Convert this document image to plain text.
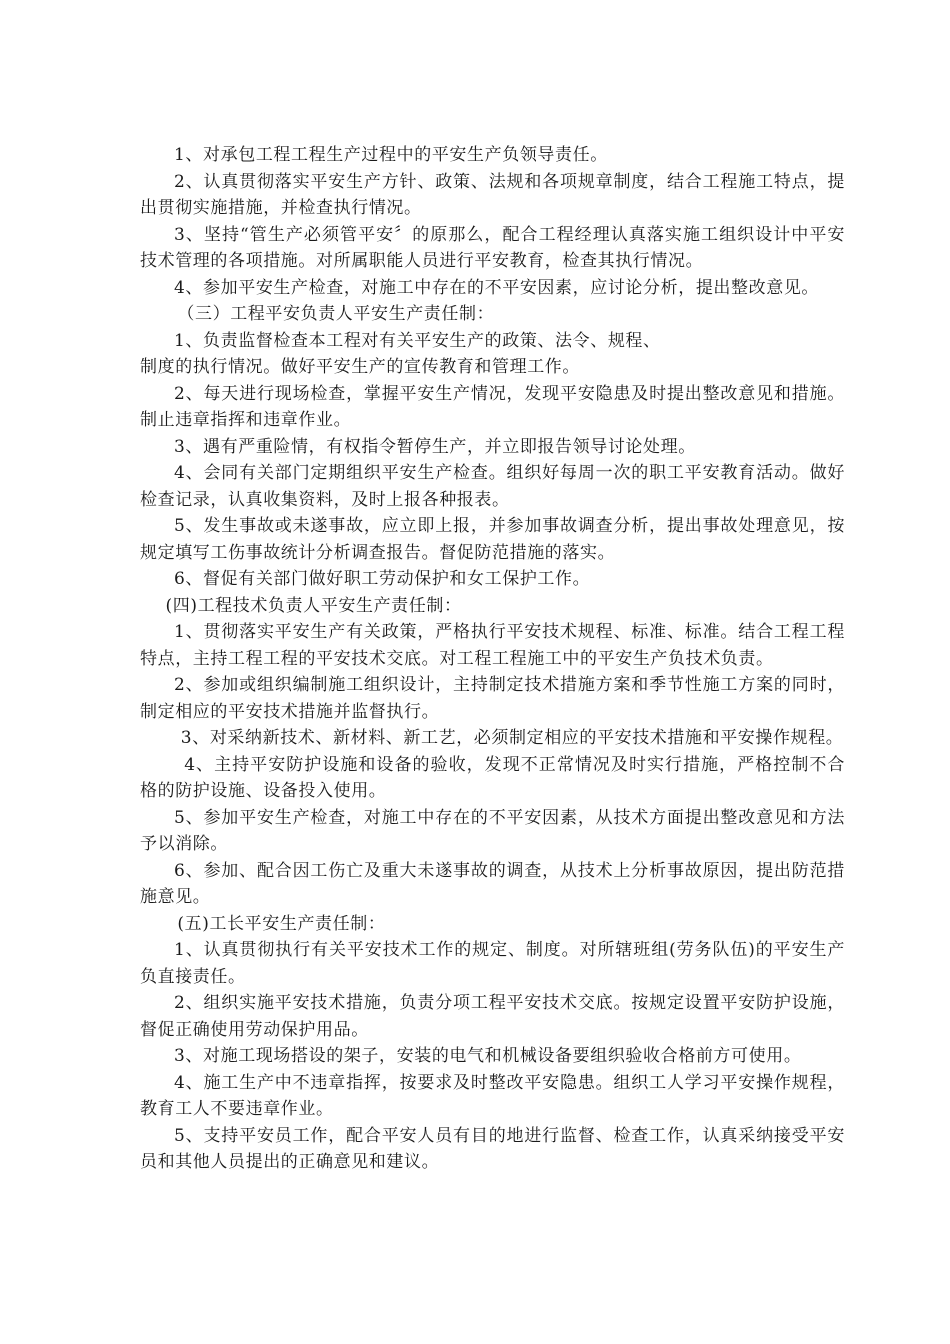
1、对承包工程工程生产过程中的平安生产负领导责任。

2、认真贯彻落实平安生产方针、政策、法规和各项规章制度，结合工程施工特点，提出贯彻实施措施，并检查执行情况。

3、坚持“管生产必须管平安〞的原那么，配合工程经理认真落实施工组织设计中平安技术管理的各项措施。对所属职能人员进行平安教育，检查其执行情况。

4、参加平安生产检查，对施工中存在的不平安因素，应讨论分析，提出整改意见。

（三）工程平安负责人平安生产责任制：

1、负责监督检查本工程对有关平安生产的政策、法令、规程、

制度的执行情况。做好平安生产的宣传教育和管理工作。

2、每天进行现场检查，掌握平安生产情况，发现平安隐患及时提出整改意见和措施。制止违章指挥和违章作业。

3、遇有严重险情，有权指令暂停生产，并立即报告领导讨论处理。

4、会同有关部门定期组织平安生产检查。组织好每周一次的职工平安教育活动。做好检查记录，认真收集资料，及时上报各种报表。

5、发生事故或未遂事故，应立即上报，并参加事故调查分析，提出事故处理意见，按规定填写工伤事故统计分析调查报告。督促防范措施的落实。

6、督促有关部门做好职工劳动保护和女工保护工作。

(四)工程技术负责人平安生产责任制：

1、贯彻落实平安生产有关政策，严格执行平安技术规程、标准、标准。结合工程工程特点，主持工程工程的平安技术交底。对工程工程施工中的平安生产负技术负责。

2、参加或组织编制施工组织设计，主持制定技术措施方案和季节性施工方案的同时，制定相应的平安技术措施并监督执行。

3、对采纳新技术、新材料、新工艺，必须制定相应的平安技术措施和平安操作规程。

4、主持平安防护设施和设备的验收，发现不正常情况及时实行措施，严格控制不合格的防护设施、设备投入使用。

5、参加平安生产检查，对施工中存在的不平安因素，从技术方面提出整改意见和方法予以消除。

6、参加、配合因工伤亡及重大未遂事故的调查，从技术上分析事故原因，提出防范措施意见。

(五)工长平安生产责任制：

1、认真贯彻执行有关平安技术工作的规定、制度。对所辖班组(劳务队伍)的平安生产负直接责任。

2、组织实施平安技术措施，负责分项工程平安技术交底。按规定设置平安防护设施，督促正确使用劳动保护用品。

3、对施工现场搭设的架子，安装的电气和机械设备要组织验收合格前方可使用。

4、施工生产中不违章指挥，按要求及时整改平安隐患。组织工人学习平安操作规程，教育工人不要违章作业。

5、支持平安员工作，配合平安人员有目的地进行监督、检查工作，认真采纳接受平安员和其他人员提出的正确意见和建议。
